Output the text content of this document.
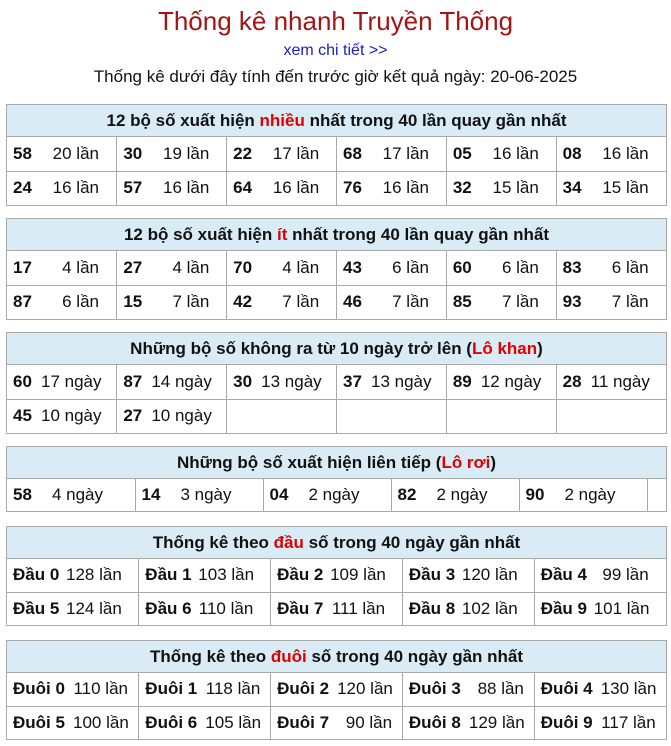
Thống kê nhanh Truyền Thống
xem chi tiết >>
Thống kê dưới đây tính đến trước giờ kết quả ngày: 20-06-2025
12 bộ số xuất hiện nhiều nhất trong 40 lần quay gần nhất
58 20 lần	30 19 lần	22 17 lần	68 17 lần	05 16 lần	08 16 lần
24 16 lần	57 16 lần	64 16 lần	76 16 lần	32 15 lần	34 15 lần
12 bộ số xuất hiện ít nhất trong 40 lần quay gần nhất
17 4 lần	27 4 lần	70 4 lần	43 6 lần	60 6 lần	83 6 lần
87 6 lần	15 7 lần	42 7 lần	46 7 lần	85 7 lần	93 7 lần
Những bộ số không ra từ 10 ngày trở lên (Lô khan)
60 17 ngày	87 14 ngày	30 13 ngày	37 13 ngày	89 12 ngày	28 11 ngày
45 10 ngày	27 10 ngày				
Những bộ số xuất hiện liên tiếp (Lô rơi)
58 4 ngày	14 3 ngày	04 2 ngày	82 2 ngày	90 2 ngày	
Thống kê theo đầu số trong 40 ngày gần nhất
Đầu 0 128 lần	Đầu 1 103 lần	Đầu 2 109 lần	Đầu 3 120 lần	Đầu 4 99 lần
Đầu 5 124 lần	Đầu 6 110 lần	Đầu 7 111 lần	Đầu 8 102 lần	Đầu 9 101 lần
Thống kê theo đuôi số trong 40 ngày gần nhất
Đuôi 0 110 lần	Đuôi 1 118 lần	Đuôi 2 120 lần	Đuôi 3 88 lần	Đuôi 4 130 lần
Đuôi 5 100 lần	Đuôi 6 105 lần	Đuôi 7 90 lần	Đuôi 8 129 lần	Đuôi 9 117 lần
